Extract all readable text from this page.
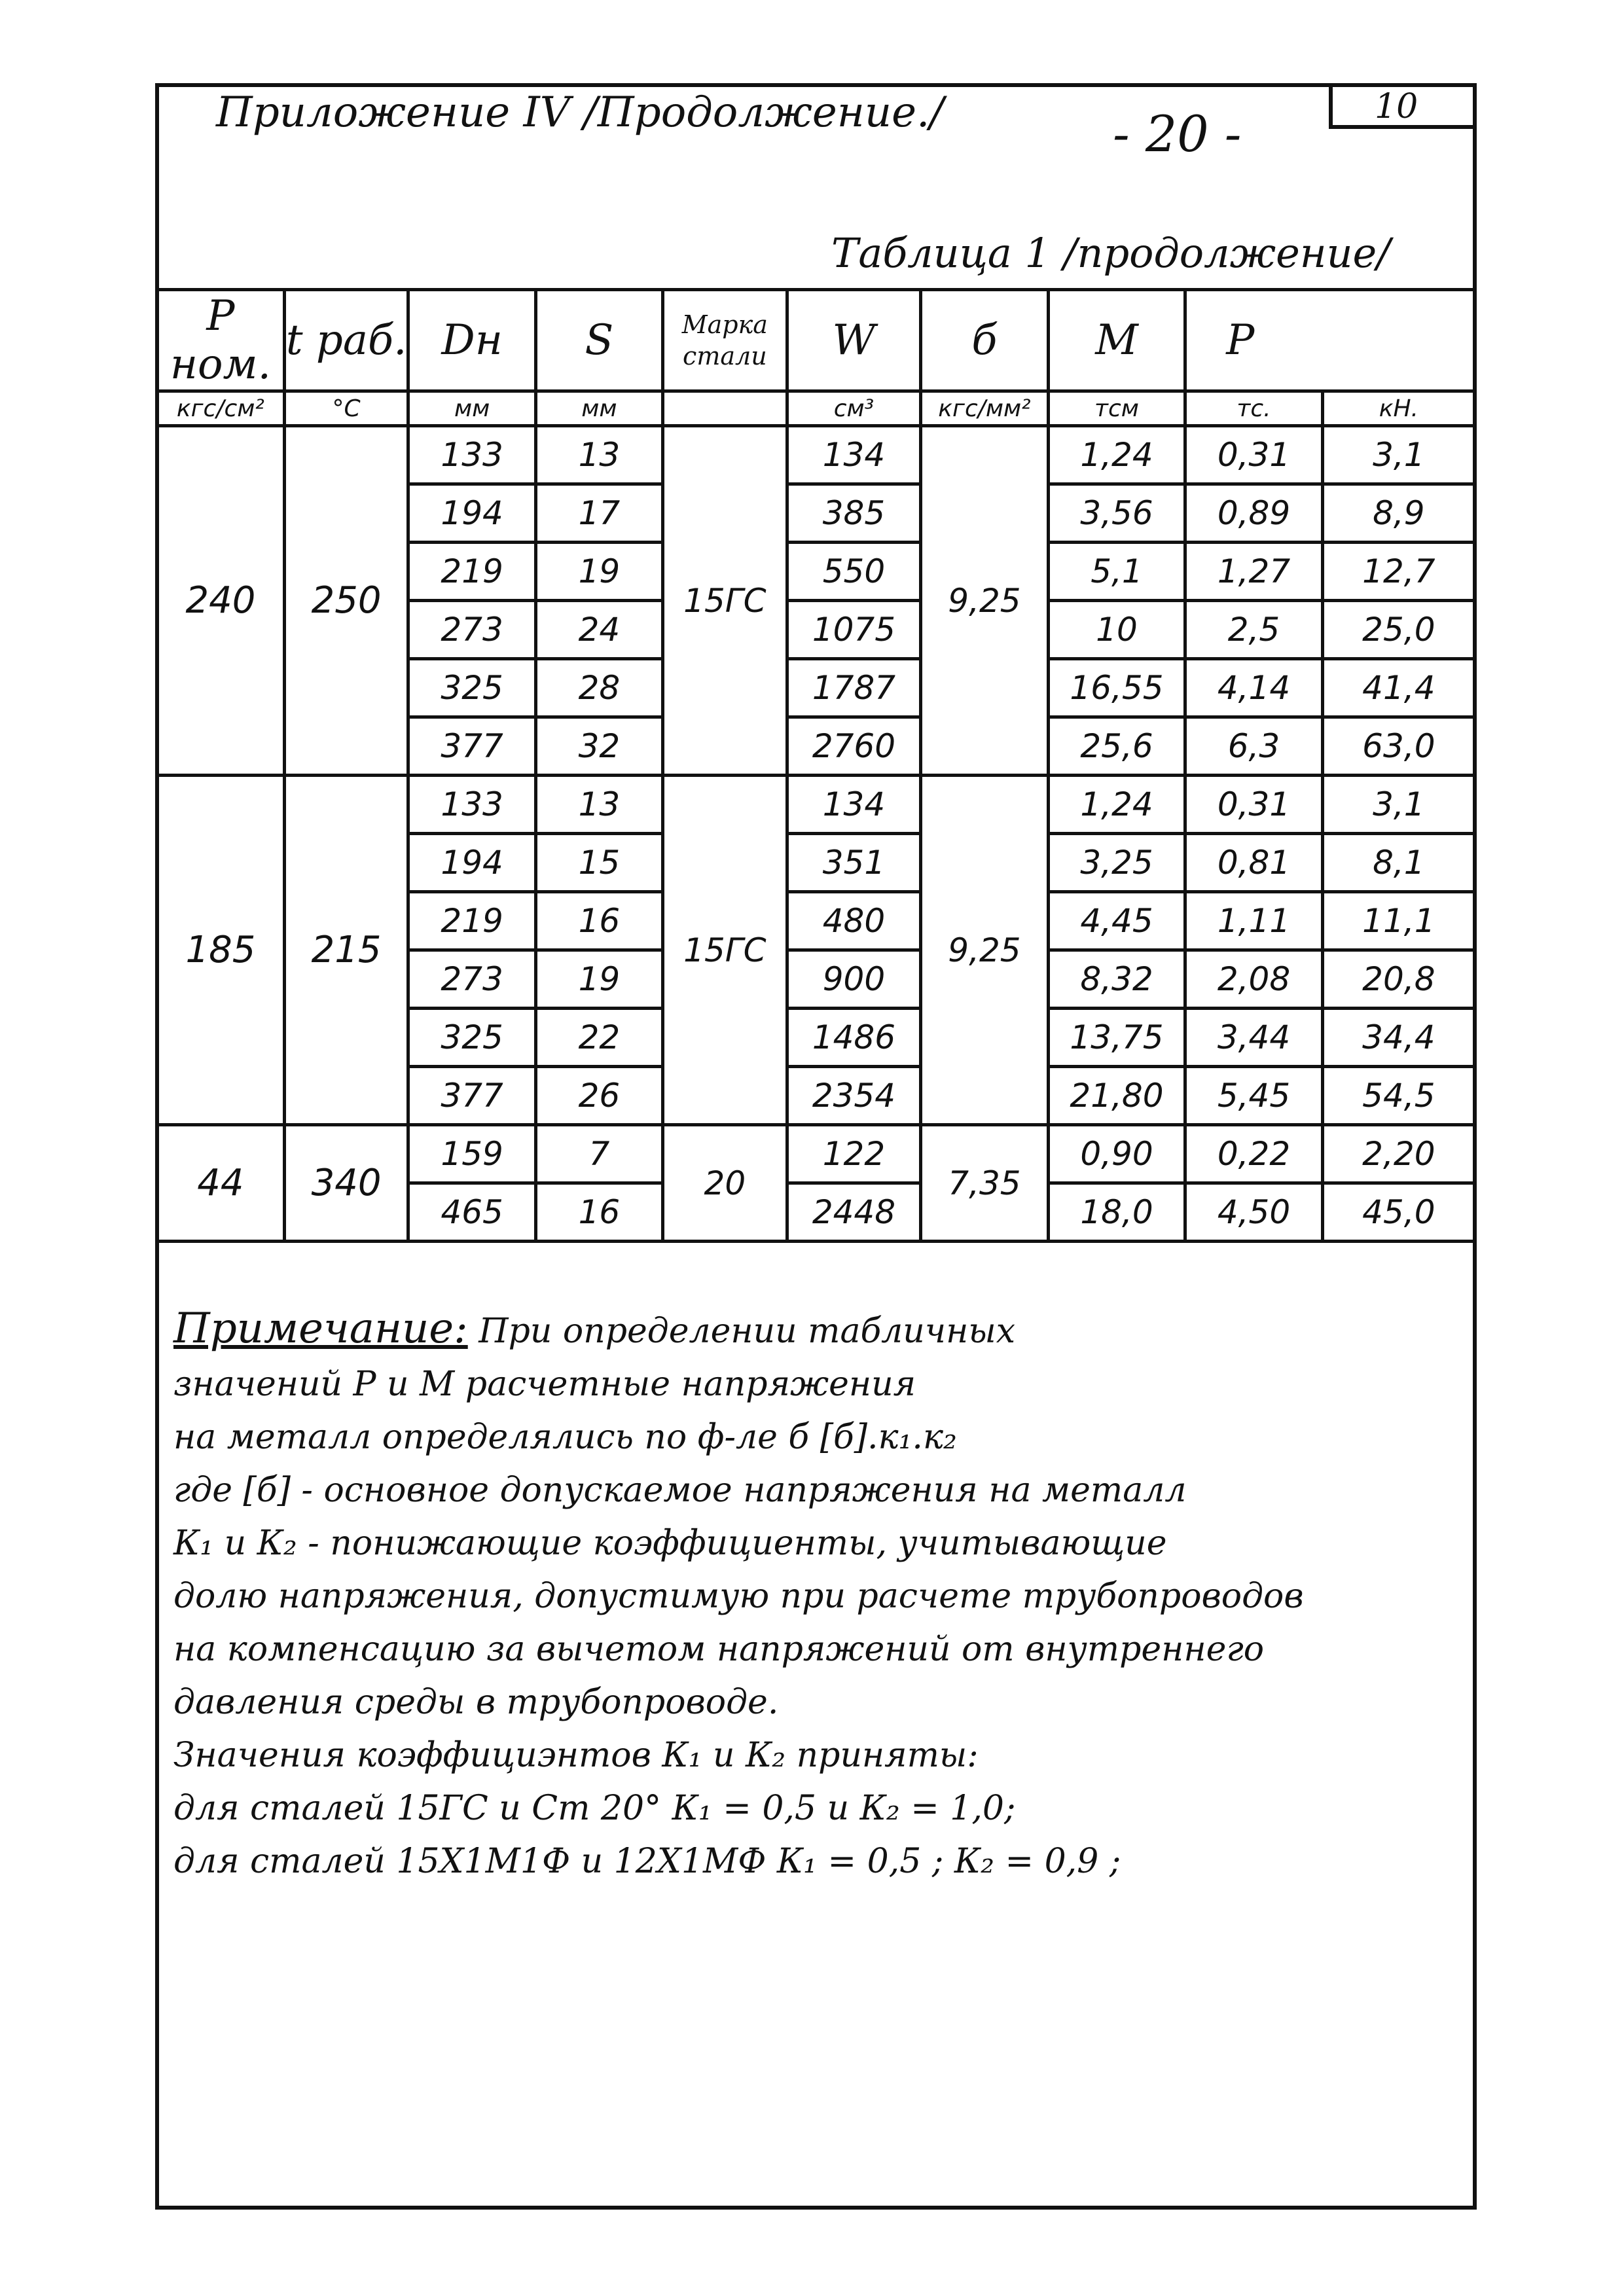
Приложение IV /Продолжение./	- 20 -	10
Таблица 1 /продолжение/
P ном.	t раб.	Dн	S	Марка стали	W	б	M	P	
кгс/см²	°C	мм	мм		см³	кгс/мм²	тсм	тс.	кН.
240	250	133	13	15ГС	134	9,25	1,24	0,31	3,1
		194	17		385		3,56	0,89	8,9
		219	19		550		5,1	1,27	12,7
		273	24		1075		10	2,5	25,0
		325	28		1787		16,55	4,14	41,4
		377	32		2760		25,6	6,3	63,0
185	215	133	13	15ГС	134	9,25	1,24	0,31	3,1
		194	15		351		3,25	0,81	8,1
		219	16		480		4,45	1,11	11,1
		273	19		900		8,32	2,08	20,8
		325	22		1486		13,75	3,44	34,4
		377	26		2354		21,80	5,45	54,5
44	340	159	7	20	122	7,35	0,90	0,22	2,20
		465	16		2448		18,0	4,50	45,0
Примечание: При определении табличных
значений P и M расчетные напряжения
на металл определялись по ф-ле б [б].к₁.к₂
где [б] - основное допускаемое напряжения на металл
К₁ и К₂ - понижающие коэффициенты, учитывающие
долю напряжения, допустимую при расчете трубопроводов
на компенсацию за вычетом напряжений от внутреннего
давления среды в трубопроводе.
Значения коэффициэнтов К₁ и К₂ приняты:
для сталей 15ГС и Ст 20° К₁ = 0,5 и К₂ = 1,0;
для сталей 15Х1М1Ф и 12Х1МФ К₁ = 0,5 ; К₂ = 0,9 ;
